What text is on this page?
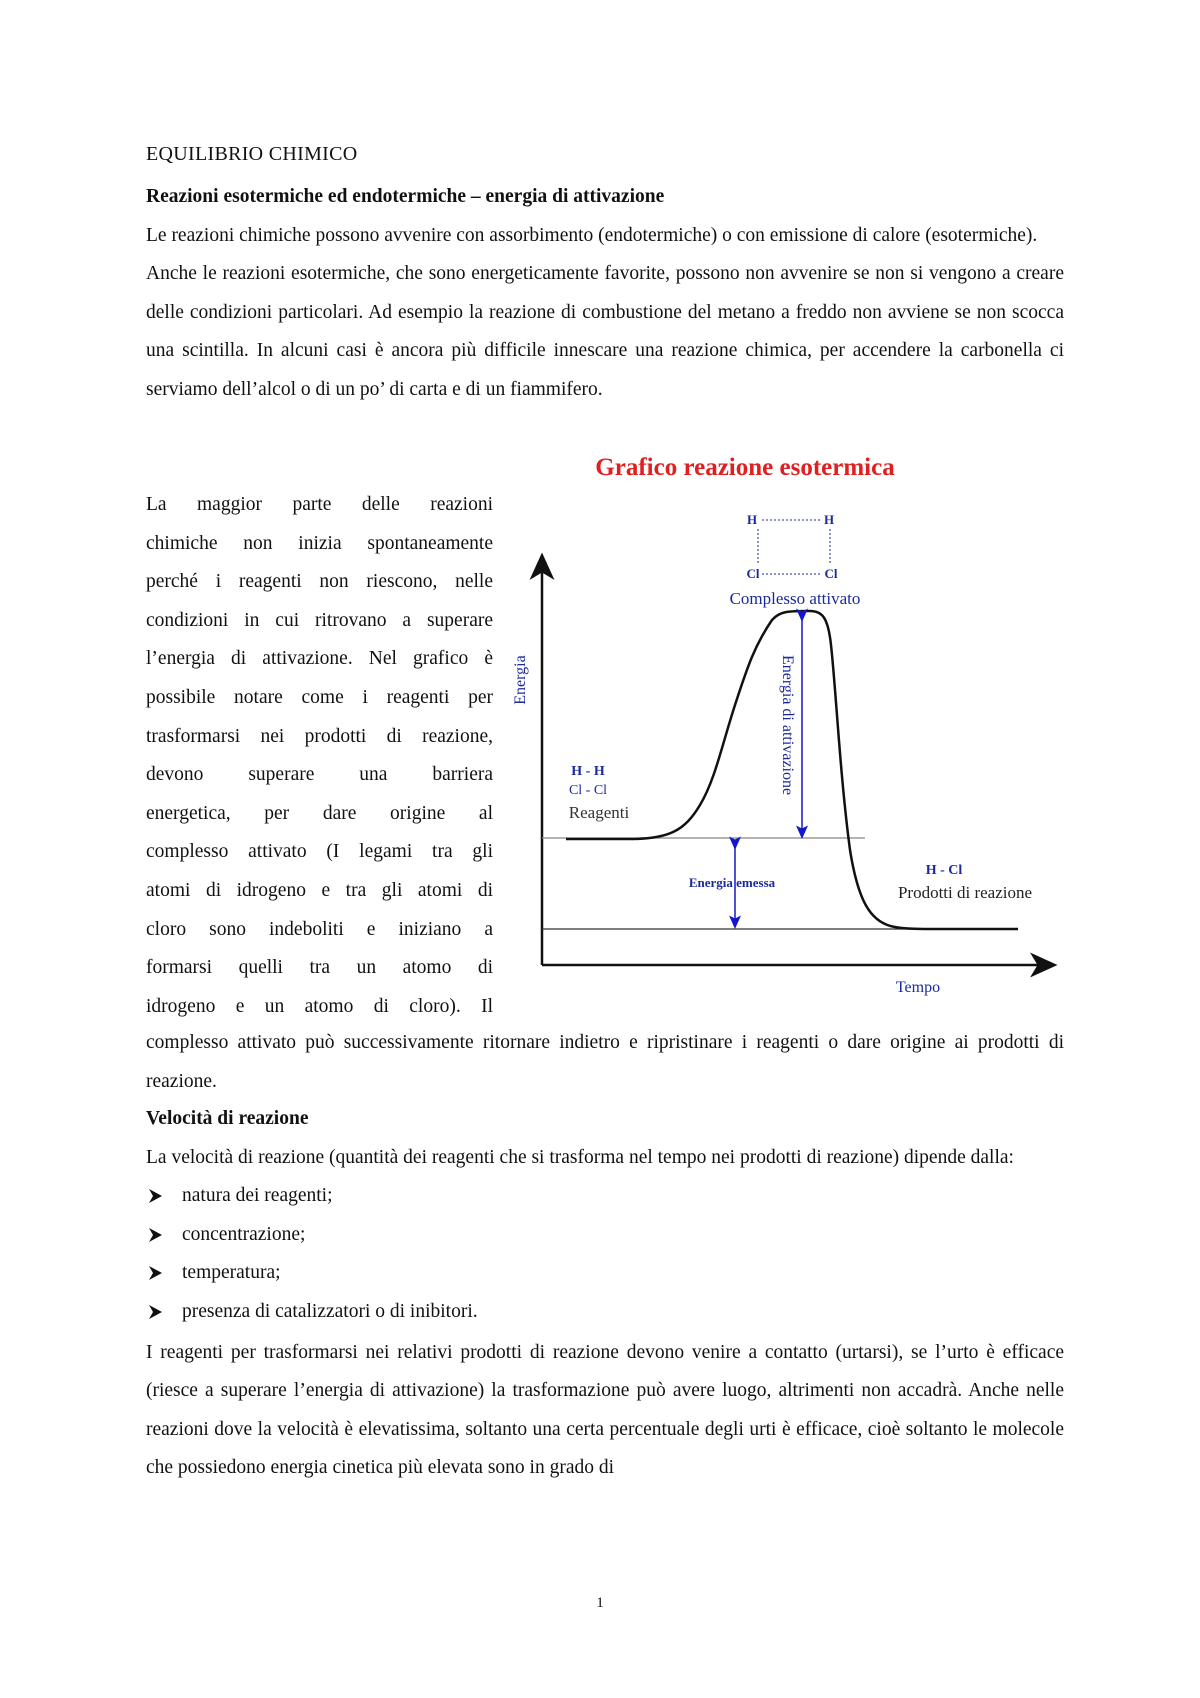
EQUILIBRIO CHIMICO

Reazioni esotermiche ed endotermiche – energia di attivazione

Le reazioni chimiche possono avvenire con assorbimento (endotermiche) o con emissione di calore (esotermiche).

Anche le reazioni esotermiche, che sono energeticamente favorite, possono non avvenire se non si vengono a creare delle condizioni particolari. Ad esempio la reazione di combustione del metano a freddo non avviene se non scocca una scintilla. In alcuni casi è ancora più difficile innescare una reazione chimica, per accendere la carbonella ci serviamo dell’alcol o di un po’ di carta e di un fiammifero.

La maggior parte delle reazioni

chimiche non inizia spontaneamente

perché i reagenti non riescono, nelle

condizioni in cui ritrovano a superare

l’energia di attivazione. Nel grafico è

possibile notare come i reagenti per

trasformarsi nei prodotti di reazione,

devono superare una barriera

energetica, per dare origine al

complesso attivato (I legami tra gli

atomi di idrogeno e tra gli atomi di

cloro sono indeboliti e iniziano a

formarsi quelli tra un atomo di

idrogeno e un atomo di cloro). Il

Grafico reazione esotermica
H	H
Cl	Cl
Complesso attivato
Energia
Tempo
Energia di attivazione
Energia emessa
H - H
Cl - Cl
Reagenti
H - Cl
Prodotti di reazione

complesso attivato può successivamente ritornare indietro e ripristinare i reagenti o dare origine ai prodotti di reazione.

Velocità di reazione

La velocità di reazione (quantità dei reagenti che si trasforma nel tempo nei prodotti di reazione) dipende dalla:

natura dei reagenti;
concentrazione;
temperatura;
presenza di catalizzatori o di inibitori.

I reagenti per trasformarsi nei relativi prodotti di reazione devono venire a contatto (urtarsi), se l’urto è efficace (riesce a superare l’energia di attivazione) la trasformazione può avere luogo, altrimenti non accadrà. Anche nelle reazioni dove la velocità è elevatissima, soltanto una certa percentuale degli urti è efficace, cioè soltanto le molecole che possiedono energia cinetica più elevata sono in grado di

1
